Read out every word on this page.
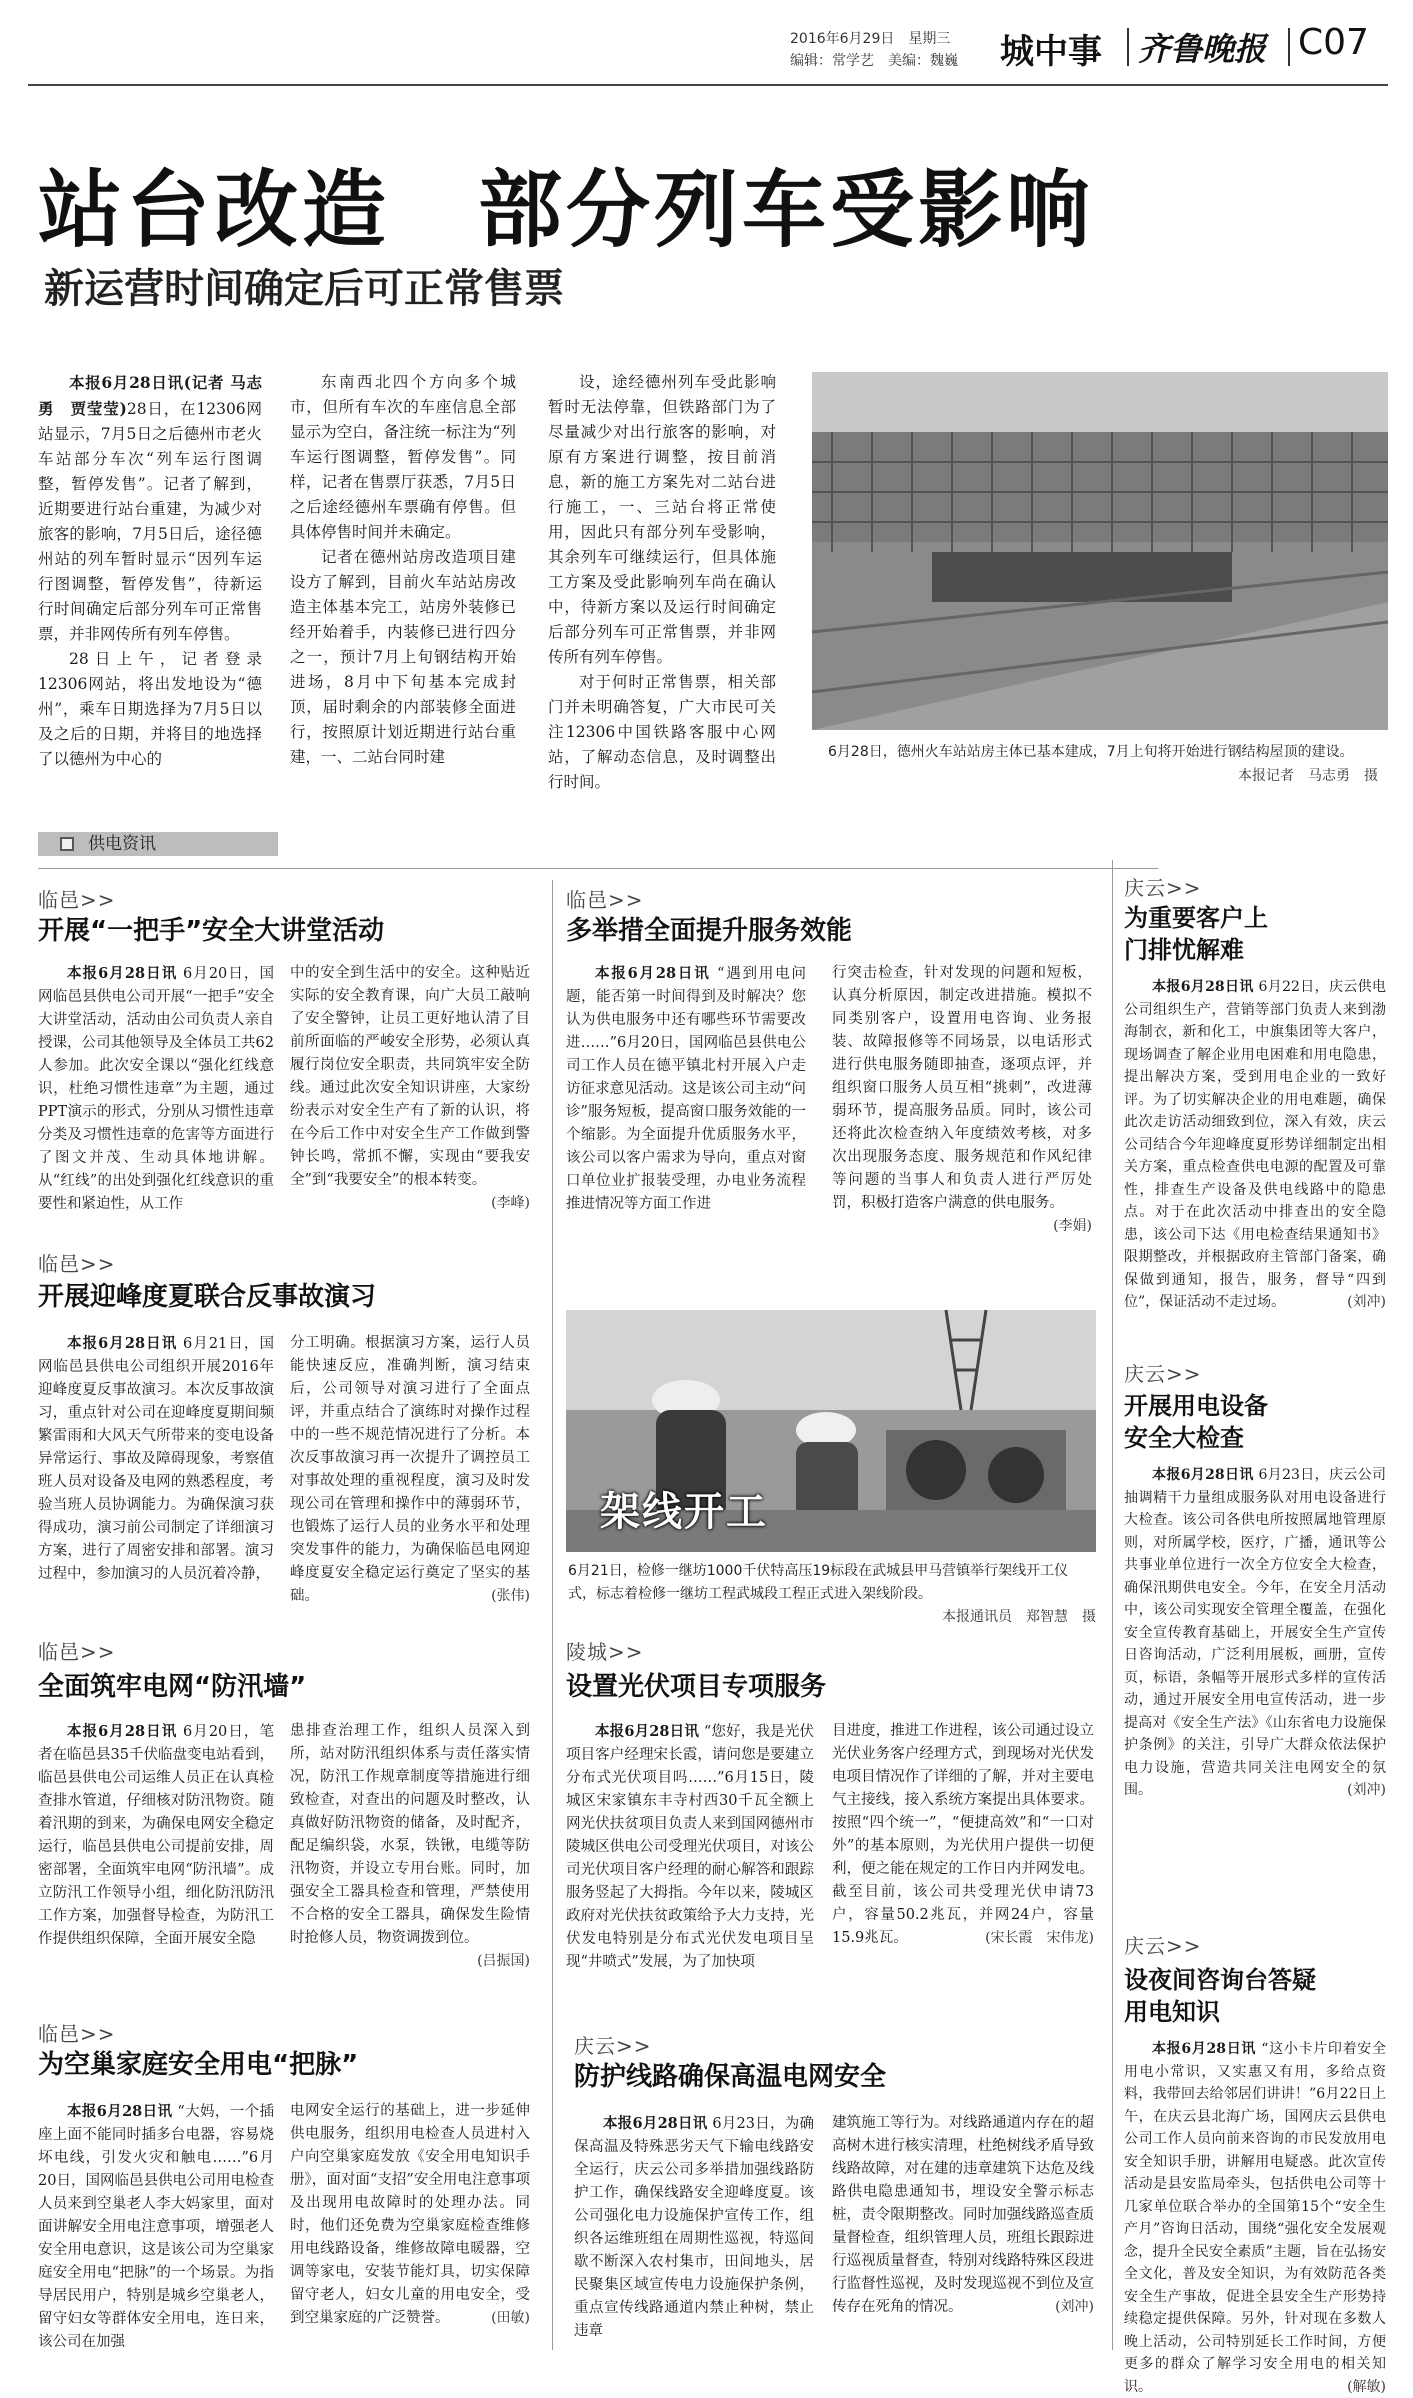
2016年6月29日　星期三
编辑：常学艺　美编：魏巍 城中事 齐鲁晚报 C07
站台改造　部分列车受影响
新运营时间确定后可正常售票

本报6月28日讯(记者 马志勇　贾莹莹)28日，在12306网站显示，7月5日之后德州市老火车站部分车次“列车运行图调整，暂停发售”。记者了解到，近期要进行站台重建，为减少对旅客的影响，7月5日后，途径德州站的列车暂时显示“因列车运行图调整，暂停发售”，待新运行时间确定后部分列车可正常售票，并非网传所有列车停售。

28日上午，记者登录12306网站，将出发地设为“德州”，乘车日期选择为7月5日以及之后的日期，并将目的地选择了以德州为中心的

东南西北四个方向多个城市，但所有车次的车座信息全部显示为空白，备注统一标注为“列车运行图调整，暂停发售”。同样，记者在售票厅获悉，7月5日之后途经德州车票确有停售。但具体停售时间并未确定。

记者在德州站房改造项目建设方了解到，目前火车站站房改造主体基本完工，站房外装修已经开始着手，内装修已进行四分之一，预计7月上旬钢结构开始进场，8月中下旬基本完成封顶，届时剩余的内部装修全面进行，按照原计划近期进行站台重建，一、二站台同时建

设，途经德州列车受此影响暂时无法停靠，但铁路部门为了尽量减少对出行旅客的影响，对原有方案进行调整，按目前消息，新的施工方案先对二站台进行施工，一、三站台将正常使用，因此只有部分列车受影响，其余列车可继续运行，但具体施工方案及受此影响列车尚在确认中，待新方案以及运行时间确定后部分列车可正常售票，并非网传所有列车停售。

对于何时正常售票，相关部门并未明确答复，广大市民可关注12306中国铁路客服中心网站，了解动态信息，及时调整出行时间。

6月28日，德州火车站站房主体已基本建成，7月上旬将开始进行钢结构屋顶的建设。
本报记者　马志勇　摄
供电资讯
临邑>>
开展“一把手”安全大讲堂活动

本报6月28日讯 6月20日，国网临邑县供电公司开展“一把手”安全大讲堂活动，活动由公司负责人亲自授课，公司其他领导及全体员工共62人参加。此次安全课以“强化红线意识，杜绝习惯性违章”为主题，通过PPT演示的形式，分别从习惯性违章分类及习惯性违章的危害等方面进行了图文并茂、生动具体地讲解。从“红线”的出处到强化红线意识的重要性和紧迫性，从工作

中的安全到生活中的安全。这种贴近实际的安全教育课，向广大员工敲响了安全警钟，让员工更好地认清了目前所面临的严峻安全形势，必须认真履行岗位安全职责，共同筑牢安全防线。通过此次安全知识讲座，大家纷纷表示对安全生产有了新的认识，将在今后工作中对安全生产工作做到警钟长鸣，常抓不懈，实现由“要我安全”到“我要安全”的根本转变。
(李峰)

临邑>>
多举措全面提升服务效能

本报6月28日讯 “遇到用电问题，能否第一时间得到及时解决？您认为供电服务中还有哪些环节需要改进……”6月20日，国网临邑县供电公司工作人员在德平镇北村开展入户走访征求意见活动。这是该公司主动“问诊”服务短板，提高窗口服务效能的一个缩影。为全面提升优质服务水平，该公司以客户需求为导向，重点对窗口单位业扩报装受理，办电业务流程推进情况等方面工作进

行突击检查，针对发现的问题和短板，认真分析原因，制定改进措施。模拟不同类别客户，设置用电咨询、业务报装、故障报修等不同场景，以电话形式进行供电服务随即抽查，逐项点评，并组织窗口服务人员互相“挑刺”，改进薄弱环节，提高服务品质。同时，该公司还将此次检查纳入年度绩效考核，对多次出现服务态度、服务规范和作风纪律等问题的当事人和负责人进行严厉处罚，积极打造客户满意的供电服务。
(李娟)

临邑>>
开展迎峰度夏联合反事故演习

本报6月28日讯 6月21日，国网临邑县供电公司组织开展2016年迎峰度夏反事故演习。本次反事故演习，重点针对公司在迎峰度夏期间频繁雷雨和大风天气所带来的变电设备异常运行、事故及障碍现象，考察值班人员对设备及电网的熟悉程度，考验当班人员协调能力。为确保演习获得成功，演习前公司制定了详细演习方案，进行了周密安排和部署。演习过程中，参加演习的人员沉着冷静，

分工明确。根据演习方案，运行人员能快速反应，准确判断，演习结束后，公司领导对演习进行了全面点评，并重点结合了演练时对操作过程中的一些不规范情况进行了分析。本次反事故演习再一次提升了调控员工对事故处理的重视程度，演习及时发现公司在管理和操作中的薄弱环节，也锻炼了运行人员的业务水平和处理突发事件的能力，为确保临邑电网迎峰度夏安全稳定运行奠定了坚实的基础。	(张伟)

架线开工
6月21日，检修一继坊1000千伏特高压19标段在武城县甲马营镇举行架线开工仪式，标志着检修一继坊工程武城段工程正式进入架线阶段。

本报通讯员　郑智慧　摄
临邑>>
全面筑牢电网“防汛墙”

本报6月28日讯 6月20日，笔者在临邑县35千伏临盘变电站看到，临邑县供电公司运维人员正在认真检查排水管道，仔细核对防汛物资。随着汛期的到来，为确保电网安全稳定运行，临邑县供电公司提前安排，周密部署，全面筑牢电网“防汛墙”。成立防汛工作领导小组，细化防汛防汛工作方案，加强督导检查，为防汛工作提供组织保障，全面开展安全隐

患排查治理工作，组织人员深入到所，站对防汛组织体系与责任落实情况，防汛工作规章制度等措施进行细致检查，对查出的问题及时整改，认真做好防汛物资的储备，及时配齐，配足编织袋，水泵，铁锹，电缆等防汛物资，并设立专用台账。同时，加强安全工器具检查和管理，严禁使用不合格的安全工器具，确保发生险情时抢修人员，物资调拨到位。
(吕振国)

陵城>>
设置光伏项目专项服务

本报6月28日讯 “您好，我是光伏项目客户经理宋长霞，请问您是要建立分布式光伏项目吗……”6月15日，陵城区宋家镇东丰寺村西30千瓦全额上网光伏扶贫项目负责人来到国网德州市陵城区供电公司受理光伏项目，对该公司光伏项目客户经理的耐心解答和跟踪服务竖起了大拇指。今年以来，陵城区政府对光伏扶贫政策给予大力支持，光伏发电特别是分布式光伏发电项目呈现“井喷式”发展，为了加快项

目进度，推进工作进程，该公司通过设立光伏业务客户经理方式，到现场对光伏发电项目情况作了详细的了解，并对主要电气主接线，接入系统方案提出具体要求。按照“四个统一”，“便捷高效”和“一口对外”的基本原则，为光伏用户提供一切便利，便之能在规定的工作日内并网发电。截至目前，该公司共受理光伏申请73户，容量50.2兆瓦，并网24户，容量15.9兆瓦。	(宋长霞　宋伟龙)

临邑>>
为空巢家庭安全用电“把脉”

本报6月28日讯 “大妈，一个插座上面不能同时插多台电器，容易烧坏电线，引发火灾和触电……”6月20日，国网临邑县供电公司用电检查人员来到空巢老人李大妈家里，面对面讲解安全用电注意事项，增强老人安全用电意识，这是该公司为空巢家庭安全用电“把脉”的一个场景。为指导居民用户，特别是城乡空巢老人，留守妇女等群体安全用电，连日来，该公司在加强

电网安全运行的基础上，进一步延伸供电服务，组织用电检查人员进村入户向空巢家庭发放《安全用电知识手册》，面对面“支招”安全用电注意事项及出现用电故障时的处理办法。同时，他们还免费为空巢家庭检查维修用电线路设备，维修故障电暖器，空调等家电，安装节能灯具，切实保障留守老人，妇女儿童的用电安全，受到空巢家庭的广泛赞誉。	(田敏)

庆云>>
防护线路确保高温电网安全

本报6月28日讯 6月23日，为确保高温及特殊恶劣天气下输电线路安全运行，庆云公司多举措加强线路防护工作，确保线路安全迎峰度夏。该公司强化电力设施保护宣传工作，组织各运维班组在周期性巡视，特巡间歇不断深入农村集市，田间地头，居民聚集区域宣传电力设施保护条例，重点宣传线路通道内禁止种树，禁止违章

建筑施工等行为。对线路通道内存在的超高树木进行核实清理，杜绝树线矛盾导致线路故障，对在建的违章建筑下达危及线路供电隐患通知书，埋设安全警示标志桩，责令限期整改。同时加强线路巡查质量督检查，组织管理人员，班组长跟踪进行巡视质量督查，特别对线路特殊区段进行监督性巡视，及时发现巡视不到位及宣传存在死角的情况。	(刘冲)

庆云>>
为重要客户上门排忧解难

本报6月28日讯 6月22日，庆云供电公司组织生产，营销等部门负责人来到渤海制衣，新和化工，中旗集团等大客户，现场调查了解企业用电困难和用电隐患，提出解决方案，受到用电企业的一致好评。为了切实解决企业的用电难题，确保此次走访活动细致到位，深入有效，庆云公司结合今年迎峰度夏形势详细制定出相关方案，重点检查供电电源的配置及可靠性，排查生产设备及供电线路中的隐患点。对于在此次活动中排查出的安全隐患，该公司下达《用电检查结果通知书》限期整改，并根据政府主管部门备案，确保做到通知，报告，服务，督导“四到位”，保证活动不走过场。	(刘冲)

庆云>>
开展用电设备安全大检查

本报6月28日讯 6月23日，庆云公司抽调精干力量组成服务队对用电设备进行大检查。该公司各供电所按照属地管理原则，对所属学校，医疗，广播，通讯等公共事业单位进行一次全方位安全大检查，确保汛期供电安全。今年，在安全月活动中，该公司实现安全管理全覆盖，在强化安全宣传教育基础上，开展安全生产宣传日咨询活动，广泛利用展板，画册，宣传页，标语，条幅等开展形式多样的宣传活动，通过开展安全用电宣传活动，进一步提高对《安全生产法》《山东省电力设施保护条例》的关注，引导广大群众依法保护电力设施，营造共同关注电网安全的氛围。	(刘冲)

庆云>>
设夜间咨询台答疑用电知识

本报6月28日讯 “这小卡片印着安全用电小常识，又实惠又有用，多给点资料，我带回去给邻居们讲讲！”6月22日上午，在庆云县北海广场，国网庆云县供电公司工作人员向前来咨询的市民发放用电安全知识手册，讲解用电疑惑。此次宣传活动是县安监局牵头，包括供电公司等十几家单位联合举办的全国第15个“安全生产月”咨询日活动，围绕“强化安全发展观念，提升全民安全素质”主题，旨在弘扬安全文化，普及安全知识，为有效防范各类安全生产事故，促进全县安全生产形势持续稳定提供保障。另外，针对现在多数人晚上活动，公司特别延长工作时间，方便更多的群众了解学习安全用电的相关知识。	(解敏)
